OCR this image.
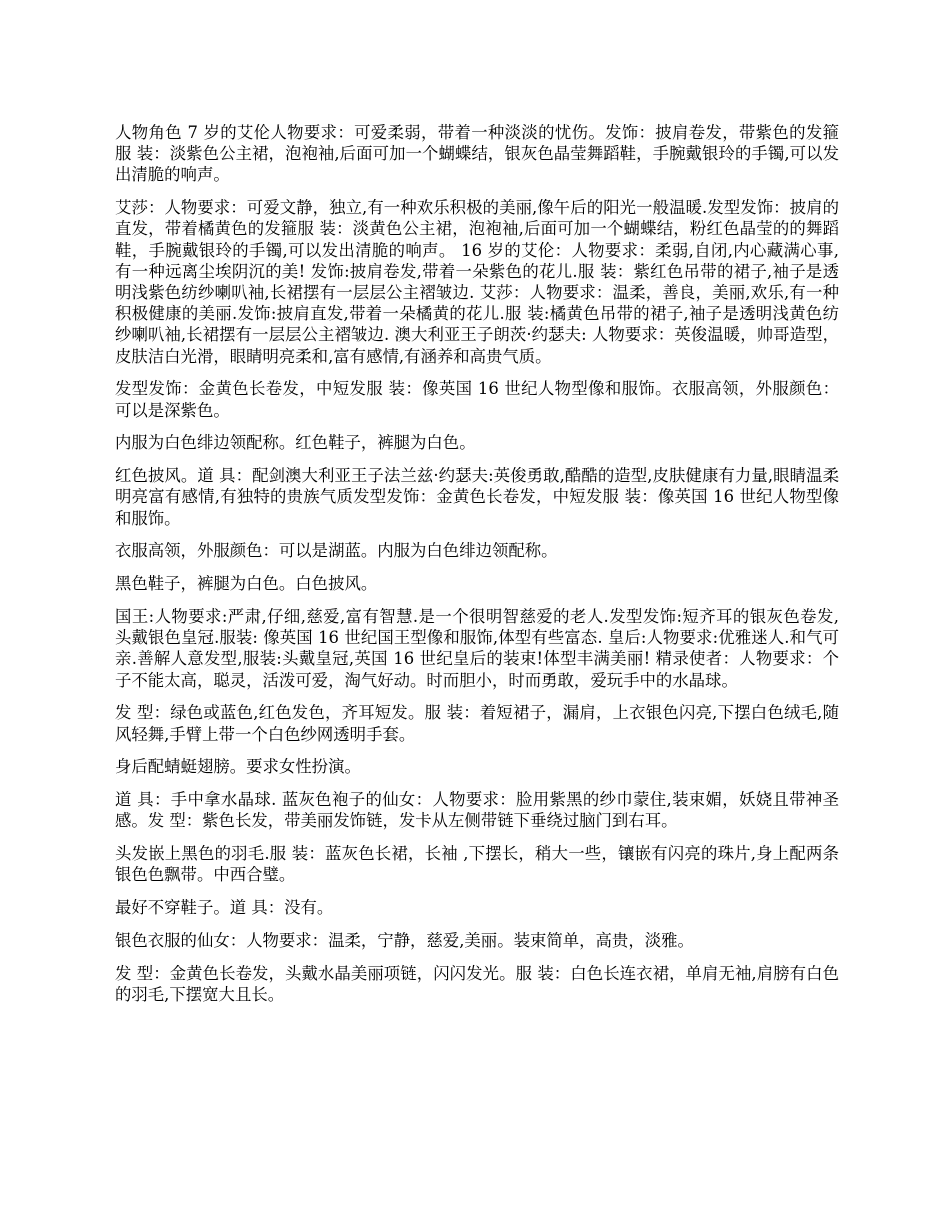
人物角色 7 岁的艾伦人物要求：可爱柔弱，带着一种淡淡的忧伤。发饰：披肩卷发，带紫色的发箍服 装：淡紫色公主裙，泡袍袖,后面可加一个蝴蝶结，银灰色晶莹舞蹈鞋，手腕戴银玲的手镯,可以发出清脆的响声。

艾莎：人物要求：可爱文静，独立,有一种欢乐积极的美丽,像午后的阳光一般温暖.发型发饰：披肩的直发，带着橘黄色的发箍服 装：淡黄色公主裙，泡袍袖,后面可加一个蝴蝶结，粉红色晶莹的的舞蹈鞋，手腕戴银玲的手镯,可以发出清脆的响声。 16 岁的艾伦：人物要求：柔弱,自闭,内心藏满心事,有一种远离尘埃阴沉的美! 发饰:披肩卷发,带着一朵紫色的花儿.服 装：紫红色吊带的裙子,袖子是透明浅紫色纺纱喇叭袖,长裙摆有一层层公主褶皱边. 艾莎：人物要求：温柔，善良，美丽,欢乐,有一种积极健康的美丽.发饰:披肩直发,带着一朵橘黄的花儿.服 装:橘黄色吊带的裙子,袖子是透明浅黄色纺纱喇叭袖,长裙摆有一层层公主褶皱边. 澳大利亚王子朗茨·约瑟夫: 人物要求：英俊温暖，帅哥造型，皮肤洁白光滑，眼睛明亮柔和,富有感情,有涵养和高贵气质。

发型发饰：金黄色长卷发，中短发服 装：像英国 16 世纪人物型像和服饰。衣服高领，外服颜色：可以是深紫色。

内服为白色绯边领配称。红色鞋子，裤腿为白色。

红色披风。道 具：配剑澳大利亚王子法兰兹·约瑟夫:英俊勇敢,酷酷的造型,皮肤健康有力量,眼睛温柔明亮富有感情,有独特的贵族气质发型发饰：金黄色长卷发，中短发服 装：像英国 16 世纪人物型像和服饰。

衣服高领，外服颜色：可以是湖蓝。内服为白色绯边领配称。

黑色鞋子，裤腿为白色。白色披风。

国王:人物要求:严肃,仔细,慈爱,富有智慧.是一个很明智慈爱的老人.发型发饰:短齐耳的银灰色卷发, 头戴银色皇冠.服装: 像英国 16 世纪国王型像和服饰,体型有些富态. 皇后:人物要求:优雅迷人.和气可亲.善解人意发型,服装:头戴皇冠,英国 16 世纪皇后的装束!体型丰满美丽! 精录使者：人物要求：个子不能太高，聪灵，活泼可爱，淘气好动。时而胆小，时而勇敢，爱玩手中的水晶球。

发 型：绿色或蓝色,红色发色，齐耳短发。服 装：着短裙子，漏肩，上衣银色闪亮,下摆白色绒毛,随风轻舞,手臂上带一个白色纱网透明手套。

身后配蜻蜓翅膀。要求女性扮演。

道 具：手中拿水晶球. 蓝灰色袍子的仙女：人物要求：脸用紫黑的纱巾蒙住,装束媚，妖娆且带神圣感。发 型：紫色长发，带美丽发饰链，发卡从左侧带链下垂绕过脑门到右耳。

头发嵌上黑色的羽毛.服 装：蓝灰色长裙，长袖 ,下摆长，稍大一些，镶嵌有闪亮的珠片,身上配两条银色色飘带。中西合璧。

最好不穿鞋子。道 具：没有。

银色衣服的仙女：人物要求：温柔，宁静，慈爱,美丽。装束简单，高贵，淡雅。

发 型：金黄色长卷发，头戴水晶美丽项链，闪闪发光。服 装：白色长连衣裙，单肩无袖,肩膀有白色的羽毛,下摆宽大且长。
